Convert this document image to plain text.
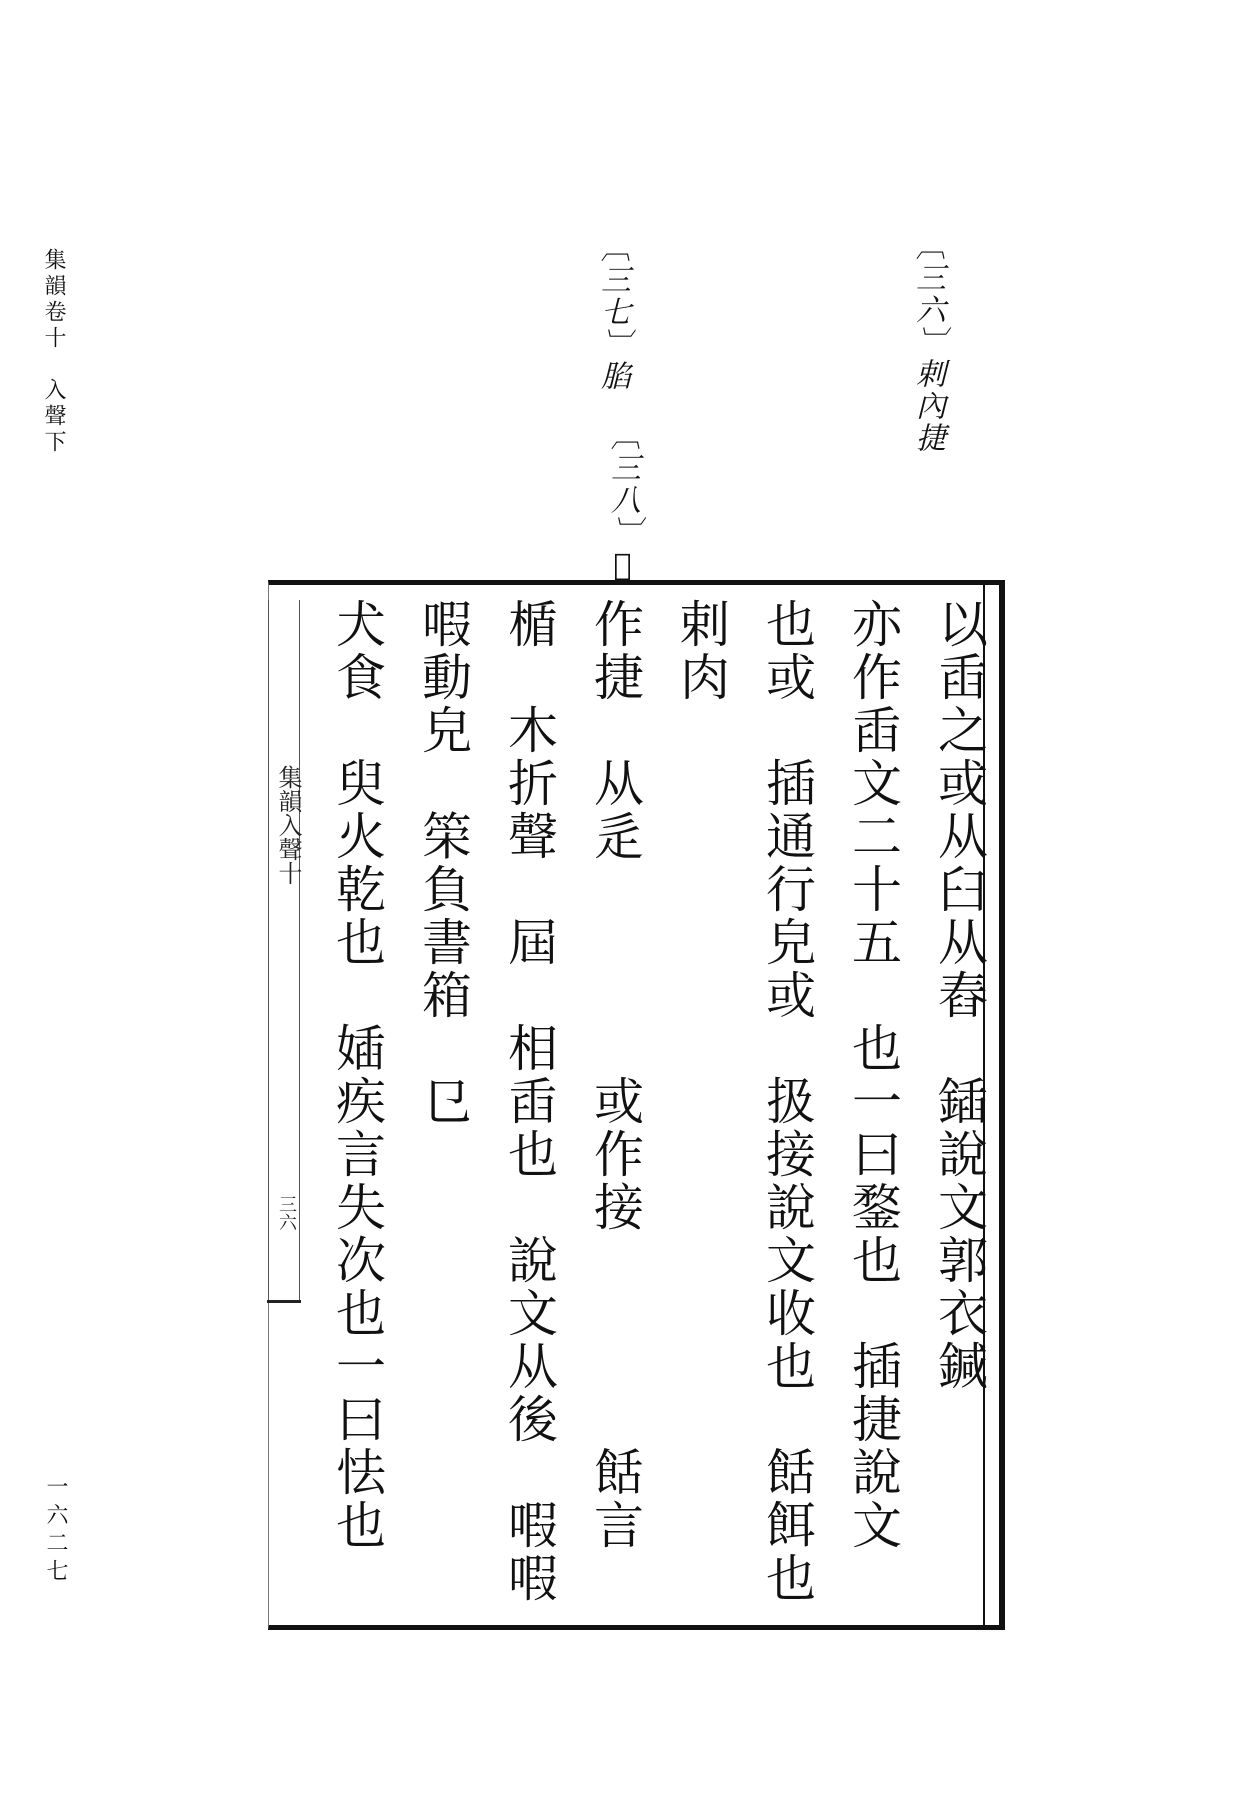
集韻卷十　入聲下
一六二七
〔三六〕剌內捷
〔三七〕䐄
〔三八〕𠠽
集韻入聲十
三六	以臿之或从臼从舂　鍤說文郭衣鍼
亦作臿文二十五　也一曰鍪也　插捷說文
也或　插通行皃或　扱接說文收也　餂餌也剌肉
作捷　从辵　　　　或作接　　　　餂言
楯　木折聲　屆　相臿也　說文从後　㗇㗇㗇動皃　筞負書箱　㔾
犬食　臾火乾也　㛼疾言失次也一曰怯也　　
